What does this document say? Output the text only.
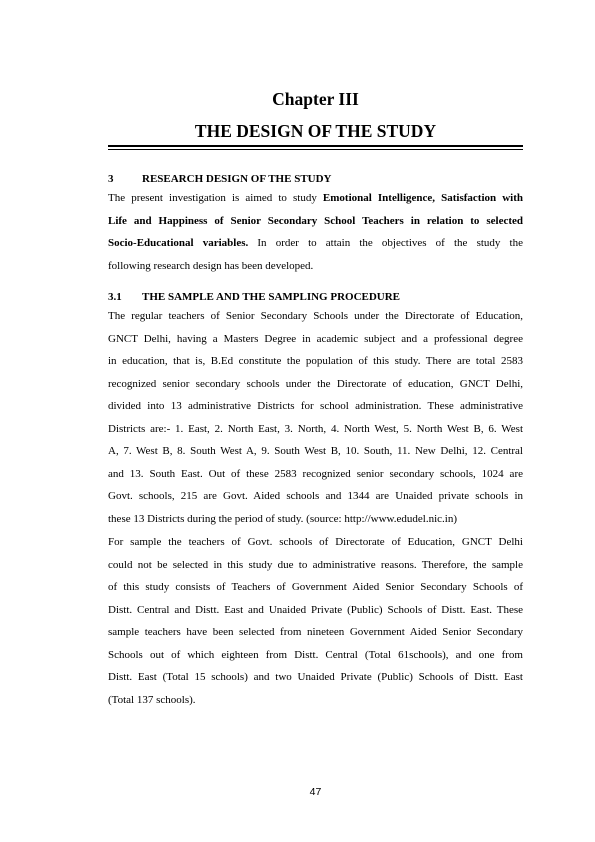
Chapter III
THE DESIGN OF THE STUDY
3	RESEARCH DESIGN OF THE STUDY
The present investigation is aimed to study Emotional Intelligence, Satisfaction with
Life and Happiness of Senior Secondary School Teachers in relation to selected
Socio-Educational variables. In order to attain the objectives of the study the
following research design has been developed.
3.1 THE SAMPLE AND THE SAMPLING PROCEDURE
The regular teachers of Senior Secondary Schools under the Directorate of Education,
GNCT Delhi, having a Masters Degree in academic subject and a professional degree
in education, that is, B.Ed constitute the population of this study. There are total 2583
recognized senior secondary schools under the Directorate of education, GNCT Delhi,
divided into 13 administrative Districts for school administration. These administrative
Districts are:- 1. East, 2. North East, 3. North, 4. North West, 5. North West B, 6. West
A, 7. West B, 8. South West A, 9. South West B, 10. South, 11. New Delhi, 12. Central
and 13. South East. Out of these 2583 recognized senior secondary schools, 1024 are
Govt. schools, 215 are Govt. Aided schools and 1344 are Unaided private schools in
these 13 Districts during the period of study. (source: http://www.edudel.nic.in)
For sample the teachers of Govt. schools of Directorate of Education, GNCT Delhi
could not be selected in this study due to administrative reasons. Therefore, the sample
of this study consists of Teachers of Government Aided Senior Secondary Schools of
Distt. Central and Distt. East and Unaided Private (Public) Schools of Distt. East. These
sample teachers have been selected from nineteen Government Aided Senior Secondary
Schools out of which eighteen from Distt. Central (Total 61schools), and one from
Distt. East (Total 15 schools) and two Unaided Private (Public) Schools of Distt. East
(Total 137 schools).
47
